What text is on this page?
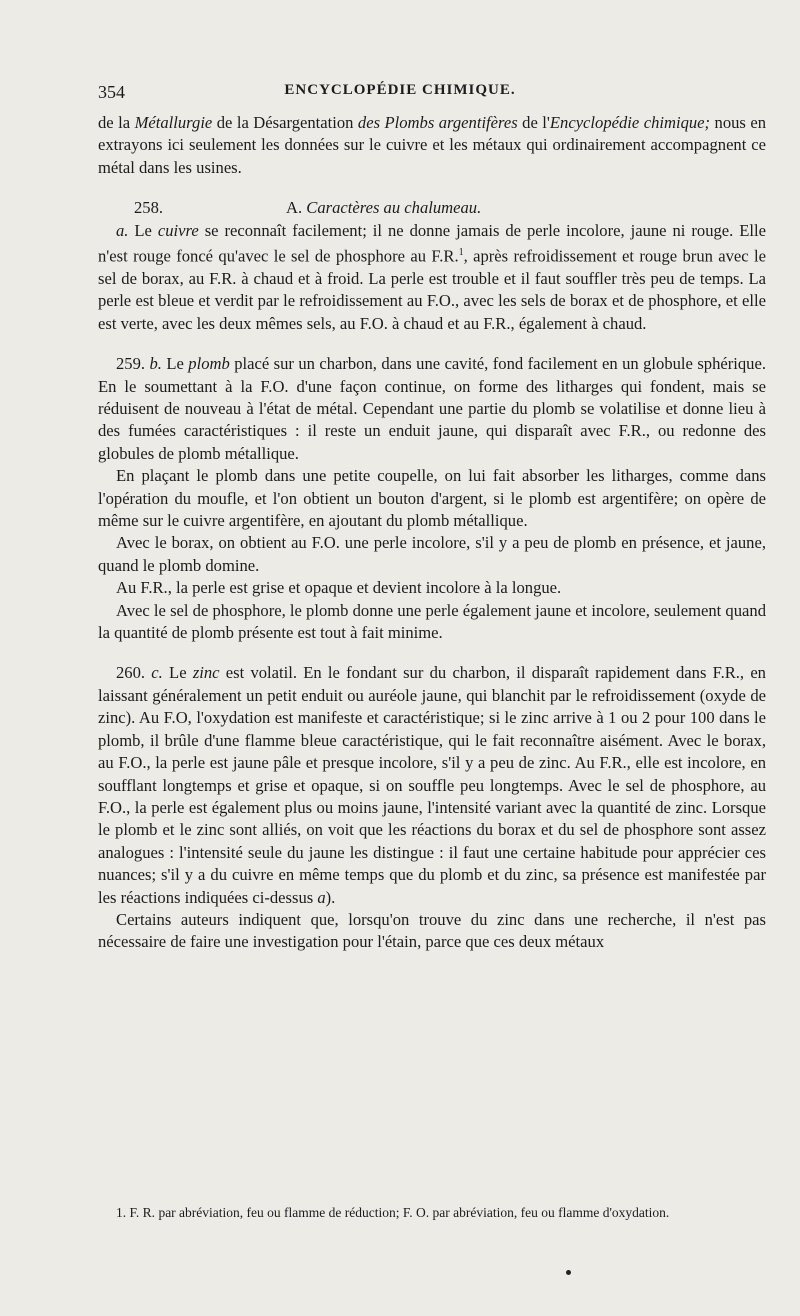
354	ENCYCLOPÉDIE CHIMIQUE.

de la Métallurgie de la Désargentation des Plombs argentifères de l'Encyclopédie chimique; nous en extrayons ici seulement les données sur le cuivre et les métaux qui ordinairement accompagnent ce métal dans les usines.

258.	A. Caractères au chalumeau.

a. Le cuivre se reconnaît facilement; il ne donne jamais de perle incolore, jaune ni rouge. Elle n'est rouge foncé qu'avec le sel de phosphore au F.R.$^1$, après refroidissement et rouge brun avec le sel de borax, au F.R. à chaud et à froid. La perle est trouble et il faut souffler très peu de temps. La perle est bleue et verdit par le refroidissement au F.O., avec les sels de borax et de phosphore, et elle est verte, avec les deux mêmes sels, au F.O. à chaud et au F.R., également à chaud.

259. b. Le plomb placé sur un charbon, dans une cavité, fond facilement en un globule sphérique. En le soumettant à la F.O. d'une façon continue, on forme des litharges qui fondent, mais se réduisent de nouveau à l'état de métal. Cependant une partie du plomb se volatilise et donne lieu à des fumées caractéristiques : il reste un enduit jaune, qui disparaît avec F.R., ou redonne des globules de plomb métallique.

En plaçant le plomb dans une petite coupelle, on lui fait absorber les litharges, comme dans l'opération du moufle, et l'on obtient un bouton d'argent, si le plomb est argentifère; on opère de même sur le cuivre argentifère, en ajoutant du plomb métallique.

Avec le borax, on obtient au F.O. une perle incolore, s'il y a peu de plomb en présence, et jaune, quand le plomb domine.

Au F.R., la perle est grise et opaque et devient incolore à la longue.

Avec le sel de phosphore, le plomb donne une perle également jaune et incolore, seulement quand la quantité de plomb présente est tout à fait minime.

260. c. Le zinc est volatil. En le fondant sur du charbon, il disparaît rapidement dans F.R., en laissant généralement un petit enduit ou auréole jaune, qui blanchit par le refroidissement (oxyde de zinc). Au F.O, l'oxydation est manifeste et caractéristique; si le zinc arrive à 1 ou 2 pour 100 dans le plomb, il brûle d'une flamme bleue caractéristique, qui le fait reconnaître aisément. Avec le borax, au F.O., la perle est jaune pâle et presque incolore, s'il y a peu de zinc. Au F.R., elle est incolore, en soufflant longtemps et grise et opaque, si on souffle peu longtemps. Avec le sel de phosphore, au F.O., la perle est également plus ou moins jaune, l'intensité variant avec la quantité de zinc. Lorsque le plomb et le zinc sont alliés, on voit que les réactions du borax et du sel de phosphore sont assez analogues : l'intensité seule du jaune les distingue : il faut une certaine habitude pour apprécier ces nuances; s'il y a du cuivre en même temps que du plomb et du zinc, sa présence est manifestée par les réactions indiquées ci-dessus a).

Certains auteurs indiquent que, lorsqu'on trouve du zinc dans une recherche, il n'est pas nécessaire de faire une investigation pour l'étain, parce que ces deux métaux

1. F. R. par abréviation, feu ou flamme de réduction; F. O. par abréviation, feu ou flamme d'oxydation.
